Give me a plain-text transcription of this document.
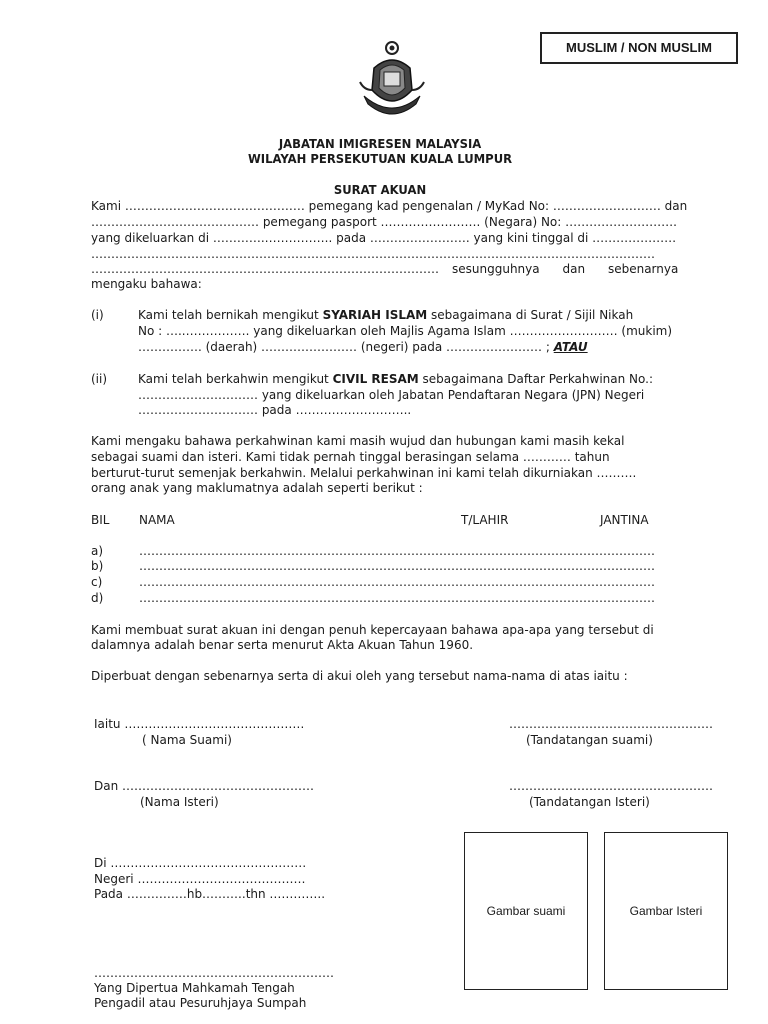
MUSLIM / NON MUSLIM
JABATAN IMIGRESEN MALAYSIA
WILAYAH PERSEKUTUAN KUALA LUMPUR
SURAT AKUAN
Kami ……………………………………… pemegang kad pengenalan / MyKad No: ……………………… dan
…………………………………… pemegang pasport ……………………. (Negara) No: ……………………….
yang dikeluarkan di ………….…………….. pada ……………………. yang kini tinggal di …………………
……………………………………………………………………………………………………………………………
…………………………………………………………………………… sesungguhnya      dan      sebenarnya
mengaku bahawa:
(i)	Kami telah bernikah mengikut SYARIAH ISLAM sebagaimana di Surat / Sijil Nikah
No : …..……………. yang dikeluarkan oleh Majlis Agama Islam ……………………… (mukim)
……………. (daerah) …………………… (negeri) pada …………………… ; ATAU
(ii)	Kami telah berkahwin mengikut CIVIL RESAM sebagaimana Daftar Perkahwinan No.:
………………………… yang dikeluarkan oleh Jabatan Pendaftaran Negara (JPN) Negeri
………………………… pada ………………………..
Kami mengaku bahawa perkahwinan kami masih wujud dan hubungan kami masih kekal
sebagai suami dan isteri. Kami tidak pernah tinggal berasingan selama ………… tahun
berturut-turut semenjak berkahwin. Melalui perkahwinan ini kami telah dikurniakan ……….
orang anak yang maklumatnya adalah seperti berikut :
BIL NAMA	T/LAHIR	JANTINA
a)	…………………………………………………………………………………………………………………
b)	…………………………………………………………………………………………………………………
c)	…………………………………………………………………………………………………………………
d)	…………………………………………………………………………………………………………………
Kami membuat surat akuan ini dengan penuh kepercayaan bahawa apa-apa yang tersebut di
dalamnya adalah benar serta menurut Akta Akuan Tahun 1960.
Diperbuat dengan sebenarnya serta di akui oleh yang tersebut nama-nama di atas iaitu :
Iaitu ………………………………………
( Nama Suami)
……………………………………………
(Tandatangan suami)
Dan …………………………………………
(Nama Isteri)
……………………………………………
(Tandatangan Isteri)
Di …………………………………….……
Negeri ……………………………………
Pada ……………hb………..thn …………..
Gambar suami	Gambar Isteri
……………………………………………………
Yang Dipertua Mahkamah Tengah
Pengadil atau Pesuruhjaya Sumpah
